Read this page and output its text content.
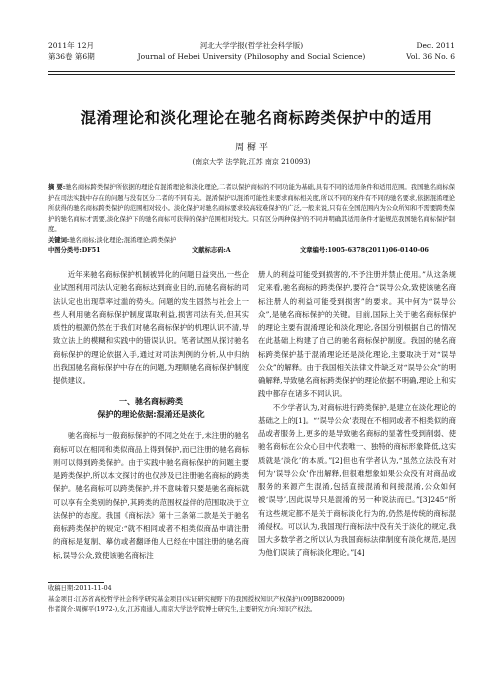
2011年 12月
第36卷 第6期
河北大学学报(哲学社会科学版)
Journal of Hebei University (Philosophy and Social Science)
Dec. 2011
Vol. 36 No. 6
混淆理论和淡化理论在驰名商标跨类保护中的适用
周 樨 平
(南京大学 法学院,江苏 南京 210093)
摘 要:驰名商标跨类保护所依据的理论有混淆理论和淡化理论,二者以保护商标的不同功能为基础,具有不同的适用条件和适用范围。我国驰名商标保护在司法实践中存在的问题与没有区分二者的不同有关。混淆保护以混淆可能性来要求商标相关度,所以不同的案件有不同的驰名要求,依据混淆理论所获得的驰名商标跨类保护的范围相对较小。淡化保护对驰名商标要求较高较难保护的广泛,一般来说,只有在全国范围内为公众所知和不需要跨类保护的驰名商标才需要,淡化保护下的驰名商标可获得的保护范围相对较大。只有区分两种保护的不同并明确其适用条件才能规范我国驰名商标保护制度。
关键词:驰名商标;淡化理论;混淆理论;跨类保护
中图分类号:DF51	文献标志码:A	文章编号:1005-6378(2011)06-0140-06

近年来驰名商标保护机制被异化的问题日益突出,一些企业试图利用司法认定驰名商标达到商业目的,而驰名商标的司法认定也出现草率过滥的势头。问题的发生固然与社会上一些人利用驰名商标保护制度谋取利益,损害司法有关,但其实质性的根源仍然在于我们对驰名商标保护的机理认识不清,导致立法上的模糊和实践中的错误认识。笔者试图从探讨驰名商标保护的理论依据入手,通过对司法判例的分析,从中归纳出我国驰名商标保护中存在的问题,为理顺驰名商标保护制度提供建议。

一、驰名商标跨类
保护的理论依据:混淆还是淡化

驰名商标与一般商标保护的不同之处在于,未注册的驰名商标可以在相同和类似商品上得到保护,而已注册的驰名商标则可以得到跨类保护。由于实践中驰名商标保护的问题主要是跨类保护,所以本文探讨的也仅涉及已注册驰名商标的跨类保护。驰名商标可以跨类保护,并不意味着只要是驰名商标就可以享有全类别的保护,其跨类的范围权益伴的范围取决于立法保护的态度。我国《商标法》第十三条第二款是关于驰名商标跨类保护的规定:“就不相同或者不相类似商品申请注册的商标是复制、摹仿或者翻译他人已经在中国注册的驰名商标,误导公众,致使该驰名商标注

册人的利益可能受到损害的,不予注册并禁止使用。”从这条规定来看,驰名商标的跨类保护,要符合“误导公众,致使该驰名商标注册人的利益可能受到损害”的要求。其中何为“误导公众”,是驰名商标保护的关键。目前,国际上关于驰名商标保护的理论主要有混淆理论和淡化理论,各国分别根据自己的情况在此基础上构建了自己的驰名商标保护制度。我国的驰名商标跨类保护基于混淆理论还是淡化理论,主要取决于对“误导公众”的解释。由于我国相关法律文件缺乏对“误导公众”的明确解释,导致驰名商标跨类保护的理论依据不明确,理论上和实践中都存在诸多不同认识。

不少学者认为,对商标进行跨类保护,是建立在淡化理论的基础之上的[1]。“‘误导公众’表现在不相同或者不相类似的商品或者服务上,更多的是导致驰名商标的显著性受到削弱、使驰名商标在公众心目中代表唯一、独特的商标形象降低,这实质就是‘淡化’的本质。”[2]但也有学者认为,“虽然立法没有对何为‘误导公众’作出解释,但很难想象如果公众没有对商品或服务的来源产生混淆,包括直接混淆和间接混淆,公众如何被‘误导’,因此误导只是混淆的另一种说法而已。”[3]245“所有这些规定都不是关于商标淡化行为的,仍然是传统的商标混淆侵权。可以认为,我国现行商标法中没有关于淡化的规定,我国大多数学者之所以认为我国商标法律制度有淡化规范,是因为他们误读了商标淡化理论。”[4]

收稿日期:2011-11-04
基金项目:江苏省高校哲学社会科学研究基金项目(实证研究视野下的我国授权知识产权保护)(09JB820009)
作者简介:周樨平(1972-),女,江苏南通人,南京大学法学院博士研究生,主要研究方向:知识产权法。
